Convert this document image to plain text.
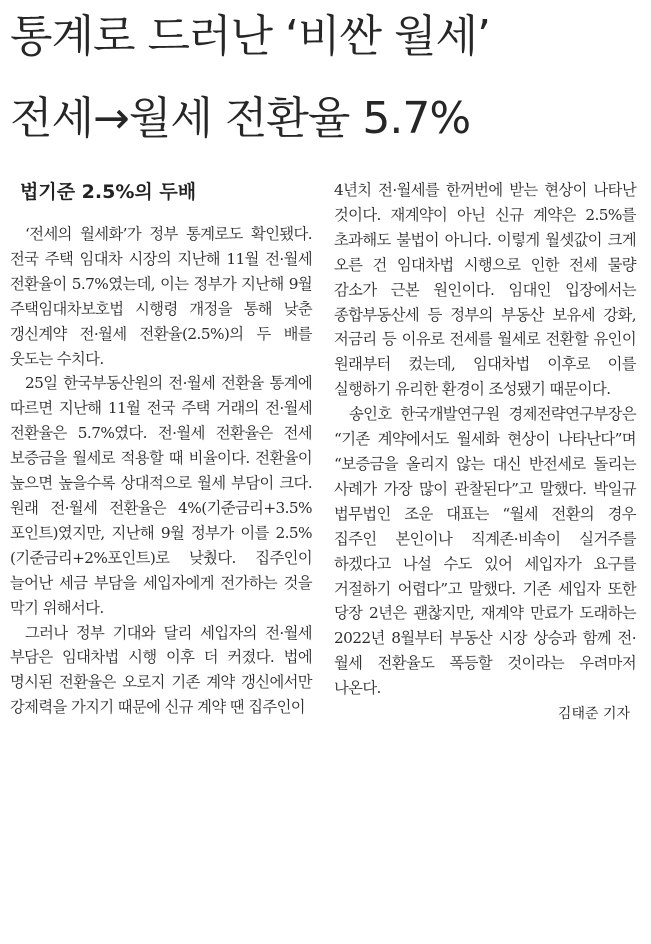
통계로 드러난 ‘비싼 월세’
전세→월세 전환율 5.7%
법기준 2.5%의 두배

‘전세의 월세화’가 정부 통계로도 확인됐다. 전국 주택 임대차 시장의 지난해 11월 전·월세 전환율이 5.7%였는데, 이는 정부가 지난해 9월 주택임대차보호법 시행령 개정을 통해 낮춘 갱신계약 전·월세 전환율(2.5%)의 두 배를 웃도는 수치다.

25일 한국부동산원의 전·월세 전환율 통계에 따르면 지난해 11월 전국 주택 거래의 전·월세 전환율은 5.7%였다. 전·월세 전환율은 전세 보증금을 월세로 적용할 때 비율이다. 전환율이 높으면 높을수록 상대적으로 월세 부담이 크다. 원래 전·월세 전환율은 4%(기준금리+3.5%포인트)였지만, 지난해 9월 정부가 이를 2.5%(기준금리+2%포인트)로 낮췄다. 집주인이 늘어난 세금 부담을 세입자에게 전가하는 것을 막기 위해서다.

그러나 정부 기대와 달리 세입자의 전·월세 부담은 임대차법 시행 이후 더 커졌다. 법에 명시된 전환율은 오로지 기존 계약 갱신에서만 강제력을 가지기 때문에 신규 계약 땐 집주인이

4년치 전·월세를 한꺼번에 받는 현상이 나타난 것이다. 재계약이 아닌 신규 계약은 2.5%를 초과해도 불법이 아니다. 이렇게 월셋값이 크게 오른 건 임대차법 시행으로 인한 전세 물량 감소가 근본 원인이다. 임대인 입장에서는 종합부동산세 등 정부의 부동산 보유세 강화, 저금리 등 이유로 전세를 월세로 전환할 유인이 원래부터 컸는데, 임대차법 이후로 이를 실행하기 유리한 환경이 조성됐기 때문이다.

송인호 한국개발연구원 경제전략연구부장은 “기존 계약에서도 월세화 현상이 나타난다”며 “보증금을 올리지 않는 대신 반전세로 돌리는 사례가 가장 많이 관찰된다”고 말했다. 박일규 법무법인 조운 대표는 “월세 전환의 경우 집주인 본인이나 직계존·비속이 실거주를 하겠다고 나설 수도 있어 세입자가 요구를 거절하기 어렵다”고 말했다. 기존 세입자 또한 당장 2년은 괜찮지만, 재계약 만료가 도래하는 2022년 8월부터 부동산 시장 상승과 함께 전·월세 전환율도 폭등할 것이라는 우려마저 나온다.

김태준 기자
